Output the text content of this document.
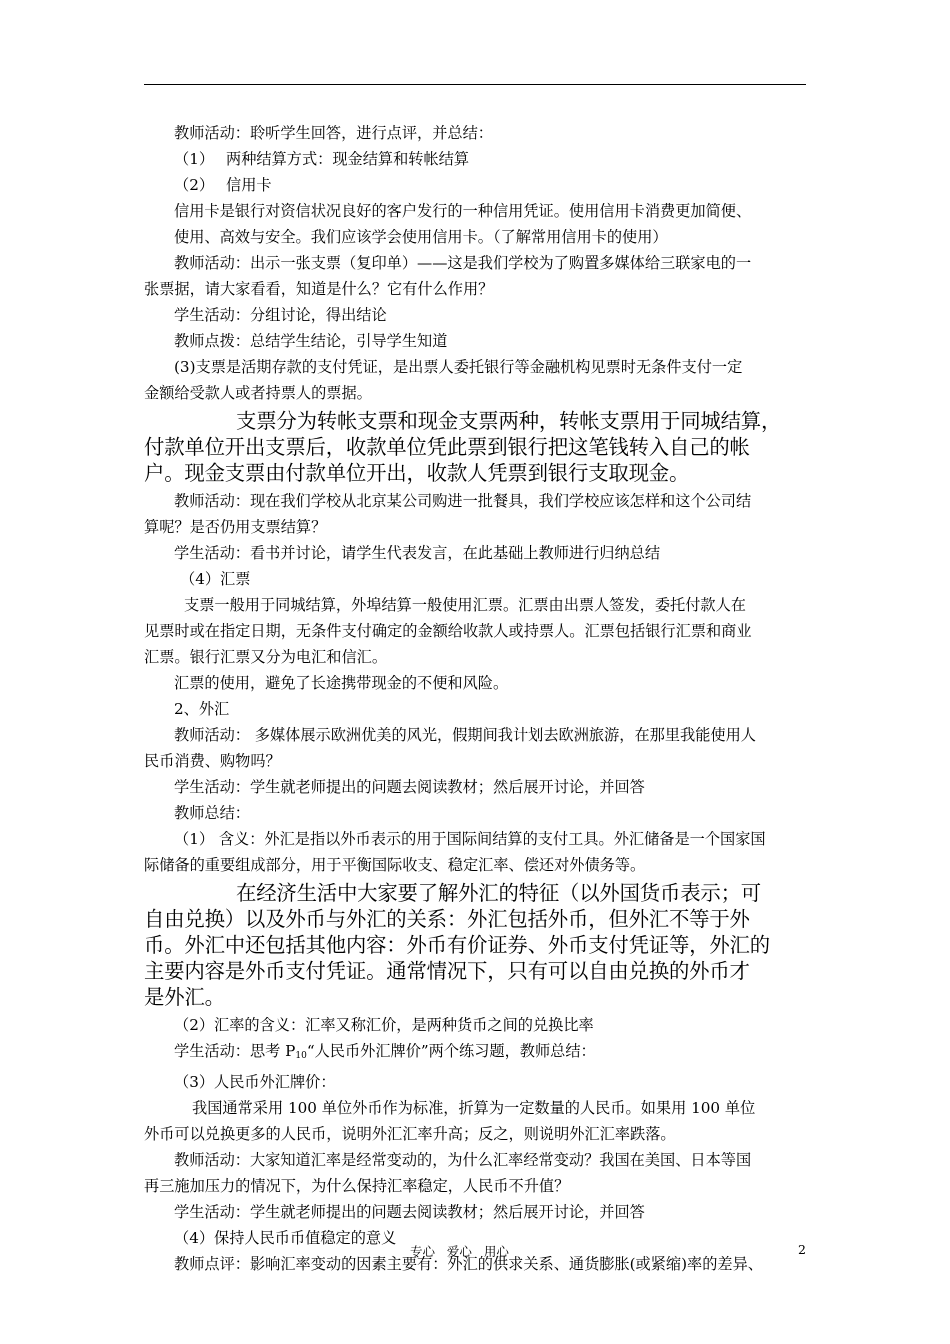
教师活动：聆听学生回答，进行点评，并总结：

（1） 两种结算方式：现金结算和转帐结算

（2） 信用卡

信用卡是银行对资信状况良好的客户发行的一种信用凭证。使用信用卡消费更加简便、

使用、高效与安全。我们应该学会使用信用卡。（了解常用信用卡的使用）

教师活动：出示一张支票（复印单）——这是我们学校为了购置多媒体给三联家电的一

张票据，请大家看看，知道是什么？它有什么作用？

学生活动：分组讨论，得出结论

教师点拨：总结学生结论，引导学生知道

(3)支票是活期存款的支付凭证，是出票人委托银行等金融机构见票时无条件支付一定

金额给受款人或者持票人的票据。

支票分为转帐支票和现金支票两种，转帐支票用于同城结算，

付款单位开出支票后，收款单位凭此票到银行把这笔钱转入自己的帐

户。现金支票由付款单位开出，收款人凭票到银行支取现金。

教师活动：现在我们学校从北京某公司购进一批餐具，我们学校应该怎样和这个公司结

算呢？是否仍用支票结算？

学生活动：看书并讨论，请学生代表发言，在此基础上教师进行归纳总结

（4）汇票

支票一般用于同城结算，外埠结算一般使用汇票。汇票由出票人签发，委托付款人在

见票时或在指定日期，无条件支付确定的金额给收款人或持票人。汇票包括银行汇票和商业

汇票。银行汇票又分为电汇和信汇。

汇票的使用，避免了长途携带现金的不便和风险。

2、外汇

教师活动： 多媒体展示欧洲优美的风光，假期间我计划去欧洲旅游，在那里我能使用人

民币消费、购物吗？

学生活动：学生就老师提出的问题去阅读教材；然后展开讨论，并回答

教师总结：

（1） 含义：外汇是指以外币表示的用于国际间结算的支付工具。外汇储备是一个国家国

际储备的重要组成部分，用于平衡国际收支、稳定汇率、偿还对外债务等。

在经济生活中大家要了解外汇的特征（以外国货币表示；可

自由兑换）以及外币与外汇的关系：外汇包括外币，但外汇不等于外

币。外汇中还包括其他内容：外币有价证券、外币支付凭证等，外汇的

主要内容是外币支付凭证。通常情况下，只有可以自由兑换的外币才

是外汇。

（2）汇率的含义：汇率又称汇价，是两种货币之间的兑换比率

学生活动：思考 $P_{10}“$人民币外汇牌价”两个练习题，教师总结：

（3）人民币外汇牌价：

我国通常采用 100 单位外币作为标准，折算为一定数量的人民币。如果用 100 单位

外币可以兑换更多的人民币，说明外汇汇率升高；反之，则说明外汇汇率跌落。

教师活动：大家知道汇率是经常变动的，为什么汇率经常变动？我国在美国、日本等国

再三施加压力的情况下，为什么保持汇率稳定，人民币不升值？

学生活动：学生就老师提出的问题去阅读教材；然后展开讨论，并回答

（4）保持人民币币值稳定的意义

教师点评：影响汇率变动的因素主要有：外汇的供求关系、通货膨胀(或紧缩)率的差异、

专心   爱心   用心	2
